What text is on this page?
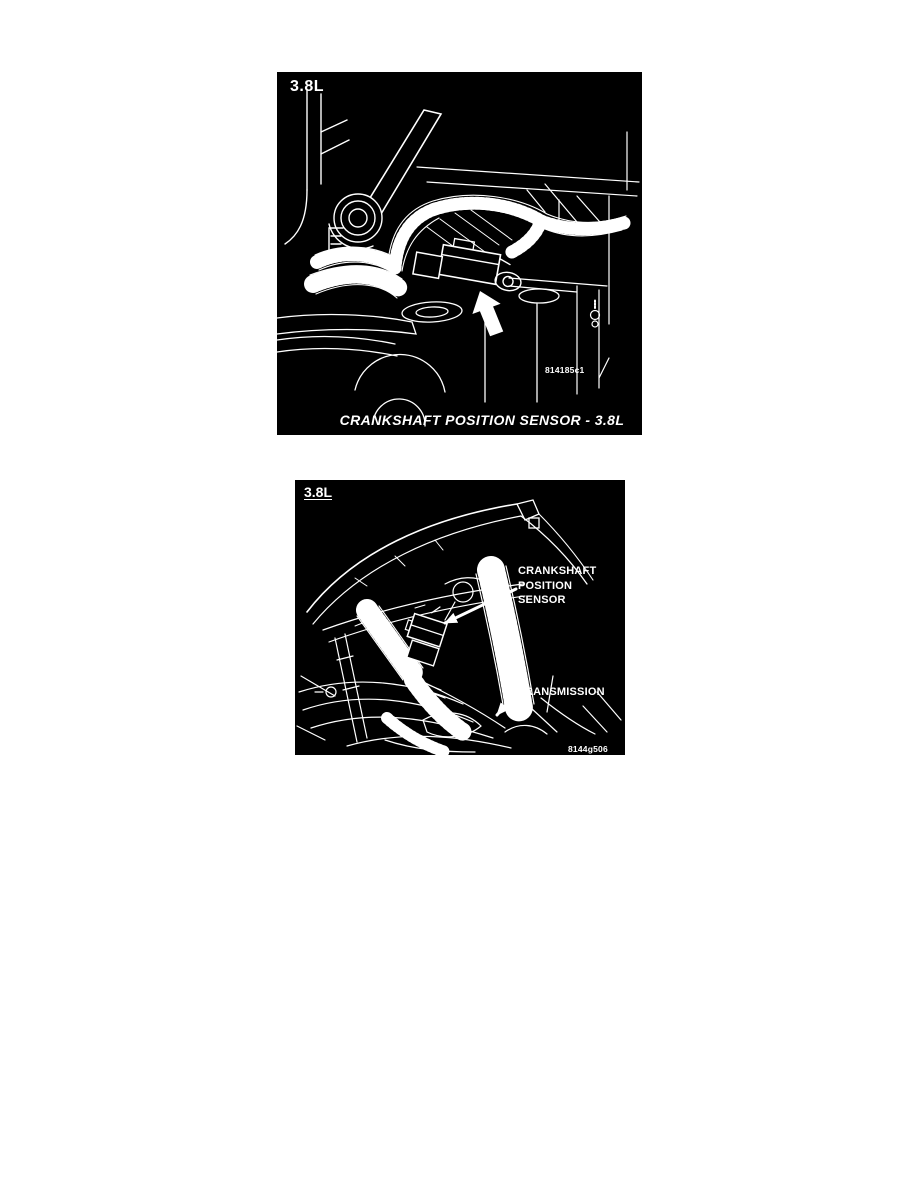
3.8L
814185c1
CRANKSHAFT POSITION SENSOR - 3.8L
3.8L
CRANKSHAFT
POSITION
SENSOR
TRANSMISSION
8144g506
